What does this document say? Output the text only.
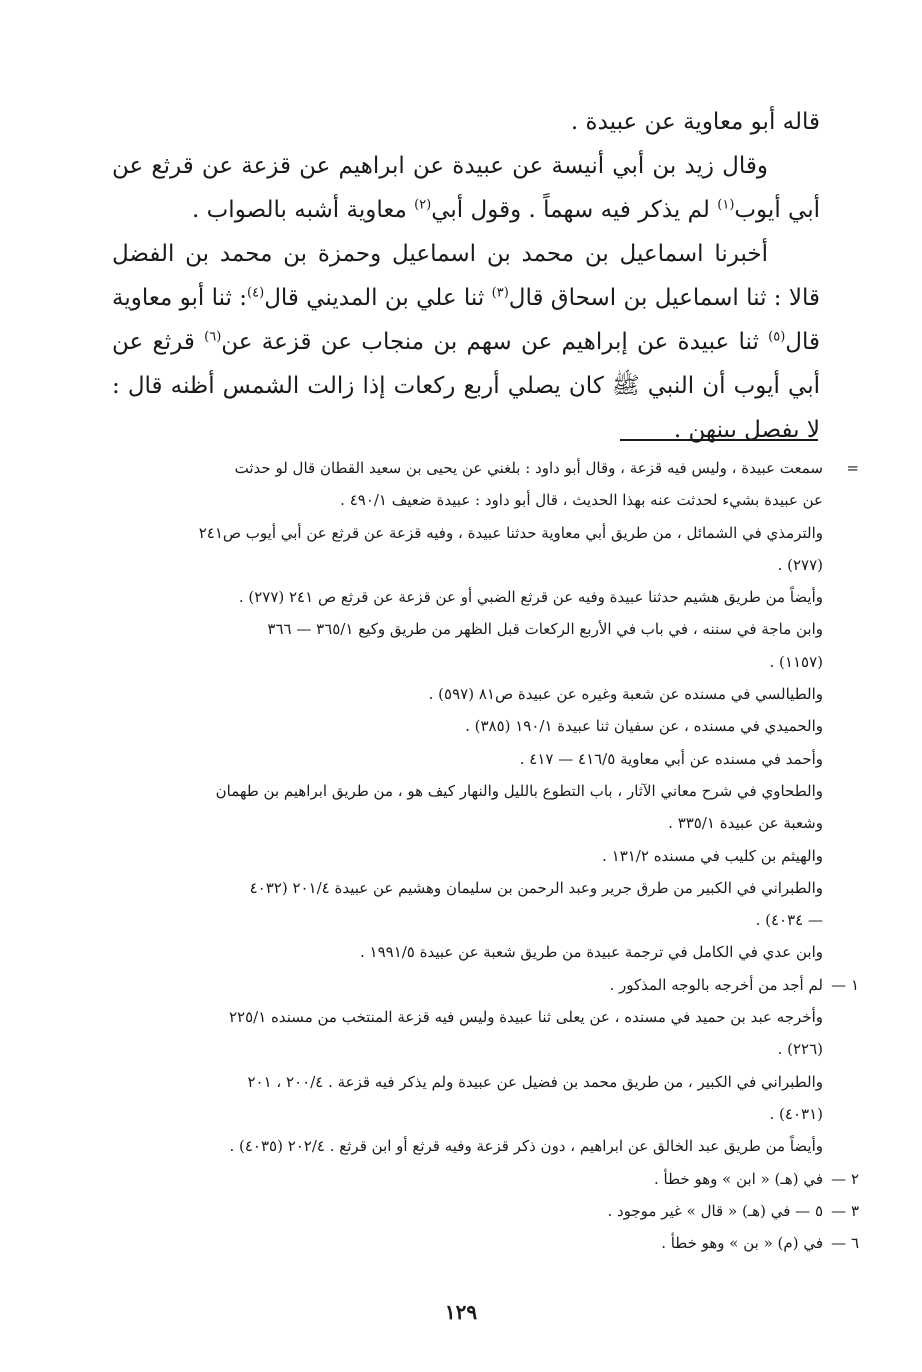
قاله أبو معاوية عن عبيدة .

وقال زيد بن أبي أنيسة عن عبيدة عن ابراهيم عن قزعة عن قرثع عن أبي أيوب$^{(١)}$ لم يذكر فيه سهماً . وقول أبي$^{(٢)}$ معاوية أشبه بالصواب .

أخبرنا اسماعيل بن محمد بن اسماعيل وحمزة بن محمد بن الفضل قالا : ثنا اسماعيل بن اسحاق قال$^{(٣)}$ ثنا علي بن المديني قال$^{(٤)}$: ثنا أبو معاوية قال$^{(٥)}$ ثنا عبيدة عن إبراهيم عن سهم بن منجاب عن قزعة عن$^{(٦)}$ قرثع عن أبي أيوب أن النبي ﷺ كان يصلي أربع ركعات إذا زالت الشمس أظنه قال : لا يفصل بينهن .

=
سمعت عبيدة ، وليس فيه قزعة ، وقال أبو داود : بلغني عن يحيى بن سعيد القطان قال لو حدثت
عن عبيدة بشيء لحدثت عنه بهذا الحديث ، قال أبو داود : عبيدة ضعيف ٤٩٠/١ .
والترمذي في الشمائل ، من طريق أبي معاوية حدثنا عبيدة ، وفيه قزعة عن قرثع عن أبي أيوب ص٢٤١
(٢٧٧) .
وأيضاً من طريق هشيم حدثنا عبيدة وفيه عن قرثع الضبي أو عن قزعة عن قرثع ص ٢٤١ (٢٧٧) .
وابن ماجة في سننه ، في باب في الأربع الركعات قبل الظهر من طريق وكيع ٣٦٥/١ — ٣٦٦
(١١٥٧) .
والطيالسي في مسنده عن شعبة وغيره عن عبيدة ص٨١ (٥٩٧) .
والحميدي في مسنده ، عن سفيان ثنا عبيدة ١٩٠/١ (٣٨٥) .
وأحمد في مسنده عن أبي معاوية ٤١٦/٥ — ٤١٧ .
والطحاوي في شرح معاني الآثار ، باب التطوع بالليل والنهار كيف هو ، من طريق ابراهيم بن طهمان
وشعبة عن عبيدة ٣٣٥/١ .
والهيثم بن كليب في مسنده ١٣١/٢ .
والطبراني في الكبير من طرق جرير وعبد الرحمن بن سليمان وهشيم عن عبيدة ٢٠١/٤ (٤٠٣٢
— ٤٠٣٤) .
وابن عدي في الكامل في ترجمة عبيدة من طريق شعبة عن عبيدة ١٩٩١/٥ .
١ —
لم أجد من أخرجه بالوجه المذكور .
وأخرجه عبد بن حميد في مسنده ، عن يعلى ثنا عبيدة وليس فيه قزعة المنتخب من مسنده ٢٢٥/١
(٢٢٦) .
والطبراني في الكبير ، من طريق محمد بن فضيل عن عبيدة ولم يذكر فيه قزعة . ٢٠٠/٤ ، ٢٠١
(٤٠٣١) .
وأيضاً من طريق عبد الخالق عن ابراهيم ، دون ذكر قزعة وفيه قرثع أو ابن قرثع . ٢٠٢/٤ (٤٠٣٥) .
٢ —
في (هـ) « ابن » وهو خطأ .
٣ —
٥ — في (هـ) « قال » غير موجود .
٦ —
في (م) « بن » وهو خطأ .
١٢٩
